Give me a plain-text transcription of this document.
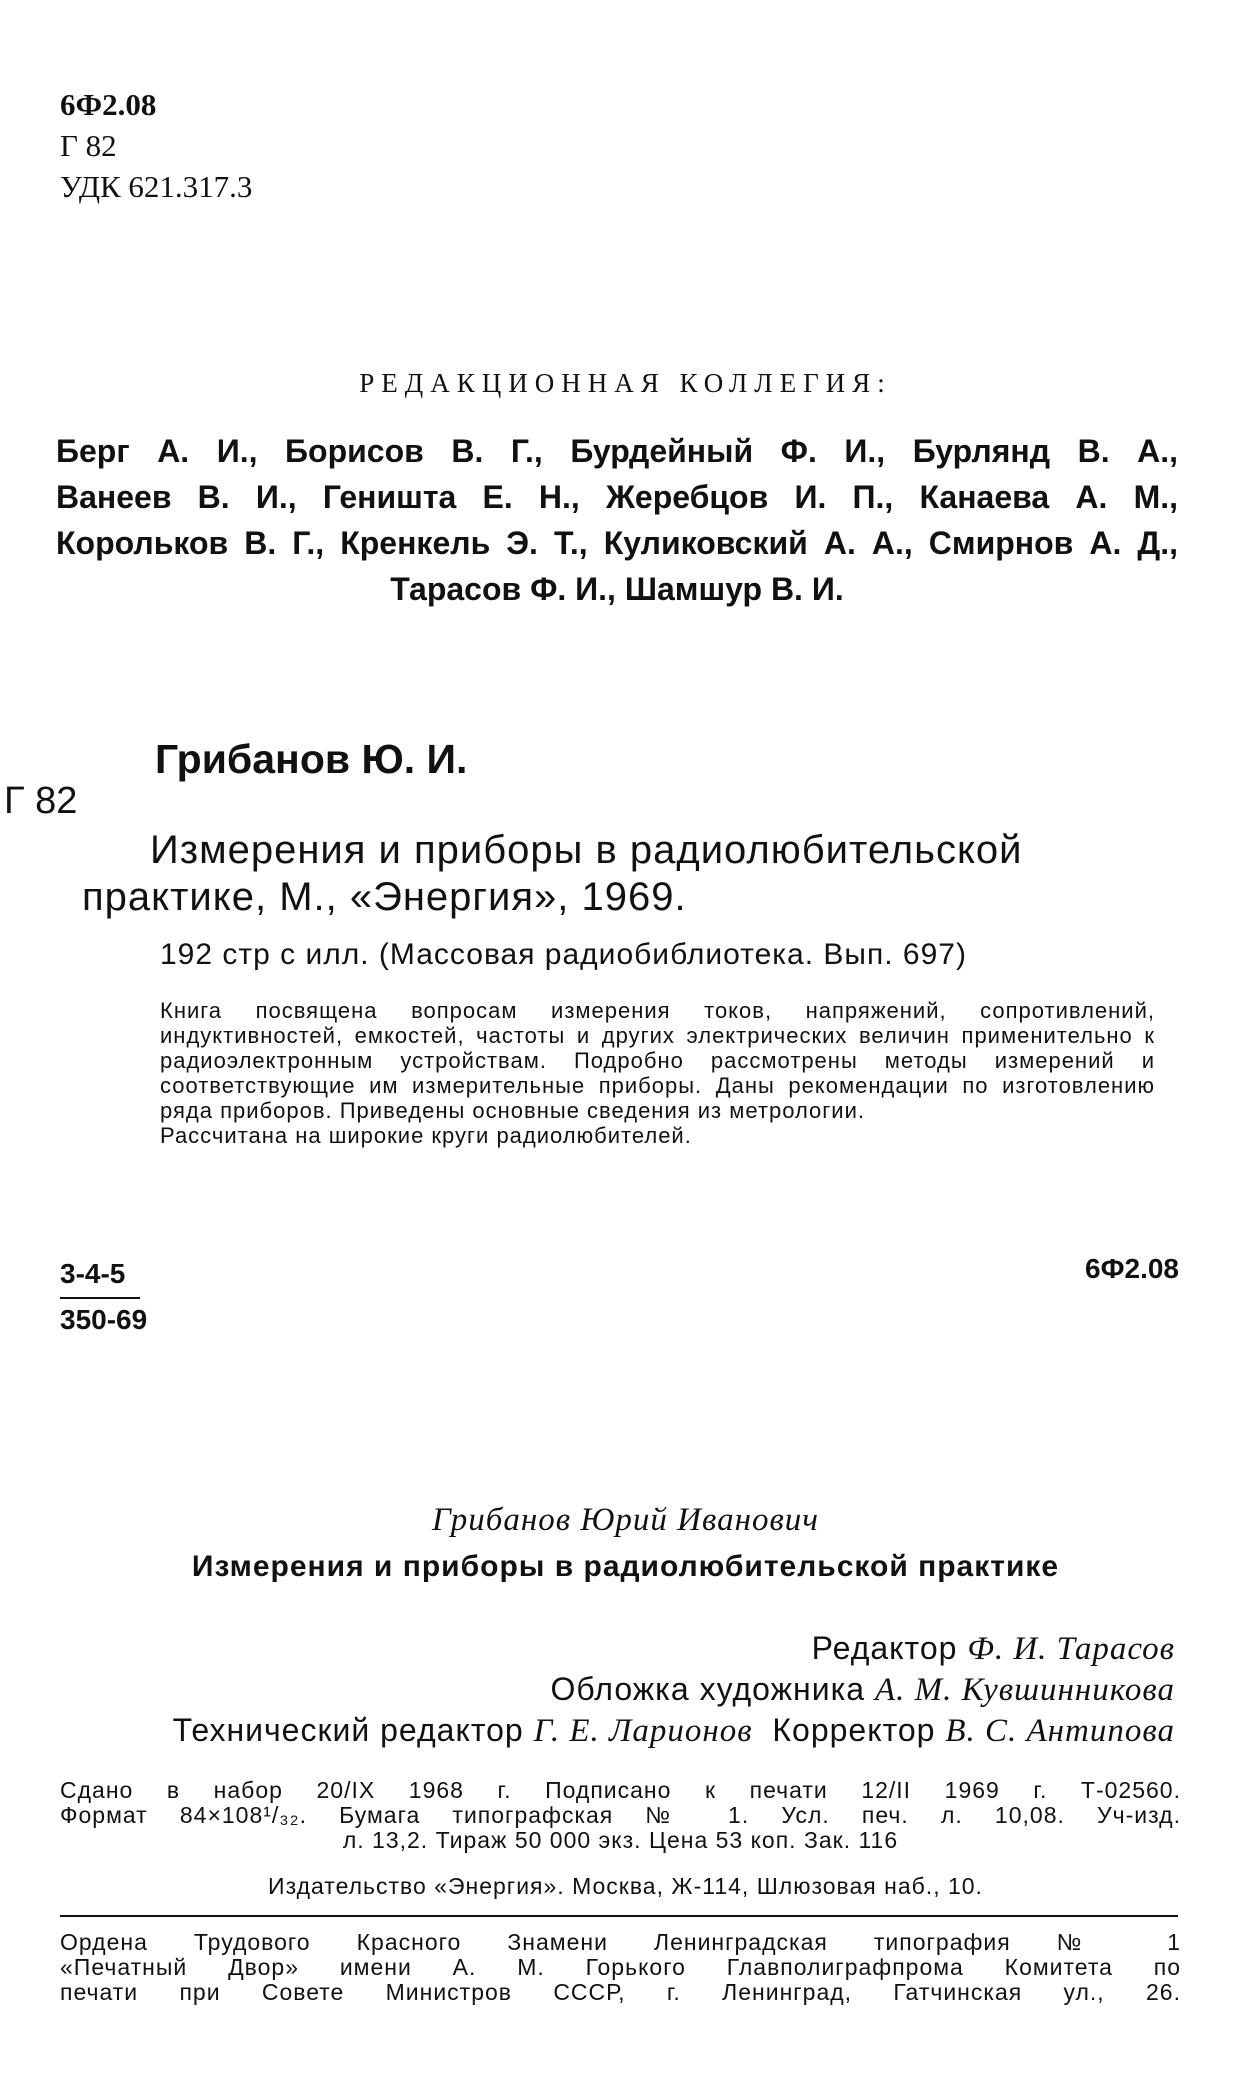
6Ф2.08
Г 82
УДК 621.317.3
РЕДАКЦИОННАЯ КОЛЛЕГИЯ:
Берг А. И., Борисов В. Г., Бурдейный Ф. И., Бурлянд В. А.,
Ванеев В. И., Геништа Е. Н., Жеребцов И. П., Канаева А. М.,
Корольков В. Г., Кренкель Э. Т., Куликовский А. А., Смирнов А. Д.,
Тарасов Ф. И., Шамшур В. И.
Грибанов Ю. И.
Г 82
Измерения и приборы в радиолюбительской
практике, М., «Энергия», 1969.
192 стр с илл. (Массовая радиобиблиотека. Вып. 697)
Книга посвящена вопросам измерения токов, напряжений, сопротивлений, индуктивностей, емкостей, частоты и других электрических величин применительно к радиоэлектронным устройствам. Подробно рассмотрены методы измерений и соответствующие им измерительные приборы. Даны рекомендации по изготовлению ряда приборов. Приведены основные сведения из метрологии.
Рассчитана на широкие круги радиолюбителей.
$\frac{3-4-5}{350-69}$	6Ф2.08
Грибанов Юрий Иванович
Измерения и приборы в радиолюбительской практике
Редактор Ф. И. Тарасов
Обложка художника А. М. Кувшинникова
Технический редактор Г. Е. Ларионов Корректор В. С. Антипова
Сдано в набор 20/IX 1968 г. Подписано к печати 12/II 1969 г. Т-02560.
Формат 84×108¹/₃₂. Бумага типографская № 1. Усл. печ. л. 10,08. Уч-изд.
л. 13,2. Тираж 50 000 экз. Цена 53 коп. Зак. 116
Издательство «Энергия». Москва, Ж-114, Шлюзовая наб., 10.
Ордена Трудового Красного Знамени Ленинградская типография № 1
«Печатный Двор» имени А. М. Горького Главполиграфпрома Комитета по
печати при Совете Министров СССР, г. Ленинград, Гатчинская ул., 26.
